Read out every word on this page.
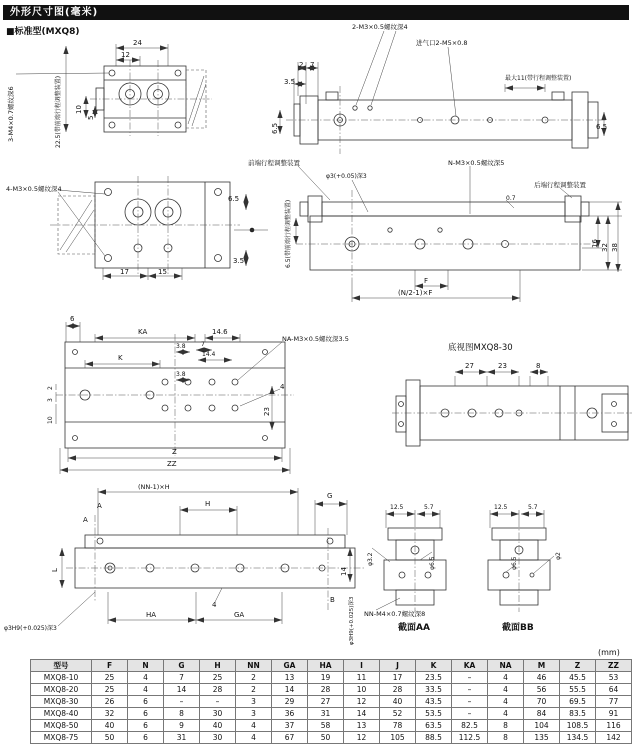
外形尺寸图(毫米)
■标准型(MXQ8)
24
12
10
5
3-M4×0.7螺纹深6	22.5(带前端行程调整装置)
2-M3×0.5螺纹深4
进气口2-M5×0.8
最大11(带行程调整装置)
2 7
3.5
6.5	6.5
4-M3×0.5螺纹深4
17	15
6.5
3.5
前端行程调整装置
φ3(+0.05)深3
N-M3×0.5螺纹深5
后端行程调整装置
0.7
6.5(带前端行程调整装置)	16 32 38
F
(N/2-1)×F
6
KA	14.6
K
3.8	7
14.4
3.8
NA-M3×0.5螺纹深3.5
4
2
3
10
23
Z
ZZ
底视图MXQ8-30
27	23	8
(NN-1)×H
A
A
H
G
L	14
4
B
HA	GA
φ3H9(+0.025)深3	φ3H9(+0.025)深3
12.5	5.7	12.5	5.7
φ3.2	φ6.5	φ6.5
φ2
NN-M4×0.7螺纹深8
截面AA	截面BB
(mm)
型号	F	N	G	H	NN	GA	HA	I	J	K	KA	NA	M	Z	ZZ
MXQ8-10	25	4	7	25	2	13	19	11	17	23.5	–	4	46	45.5	53
MXQ8-20	25	4	14	28	2	14	28	10	28	33.5	–	4	56	55.5	64
MXQ8-30	26	6	–	–	3	29	27	12	40	43.5	–	4	70	69.5	77
MXQ8-40	32	6	8	30	3	36	31	14	52	53.5	–	4	84	83.5	91
MXQ8-50	40	6	9	40	4	37	58	13	78	63.5	82.5	8	104	108.5	116
MXQ8-75	50	6	31	30	4	67	50	12	105	88.5	112.5	8	135	134.5	142
